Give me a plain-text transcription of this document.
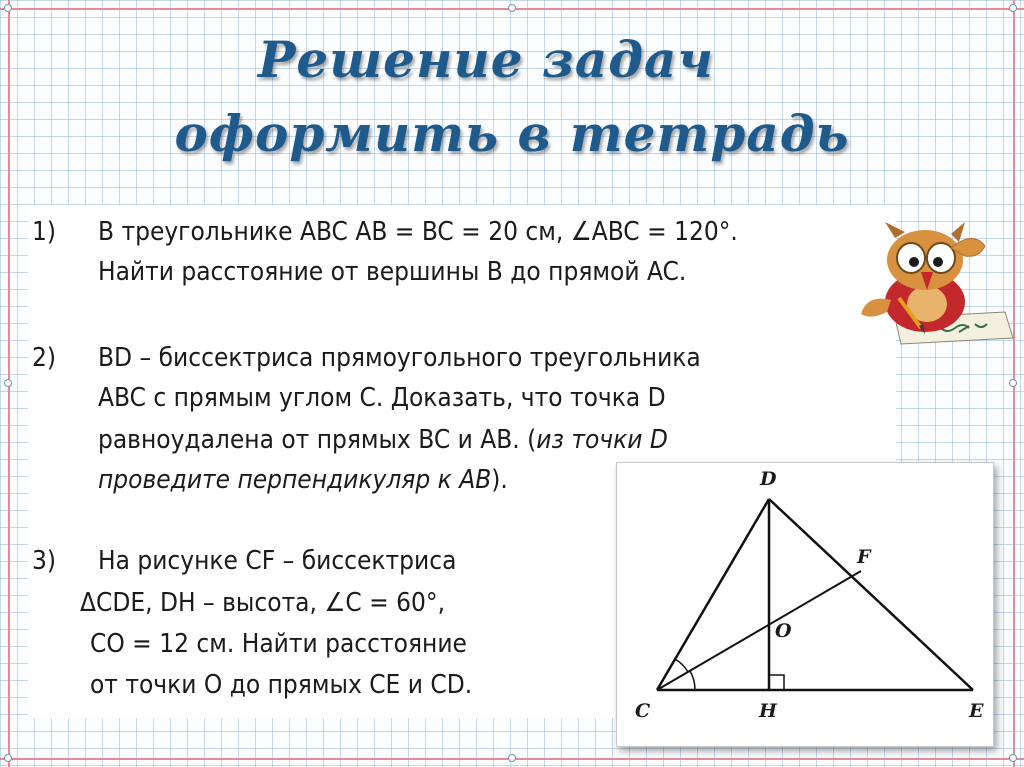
Решение задач
оформить в тетрадь
1) В треугольнике ABC AB = BC = 20 см, ∠ABC = 120°.
Найти расстояние от вершины B до прямой AC.
2) BD – биссектриса прямоугольного треугольника
ABC с прямым углом C. Доказать, что точка D
равноудалена от прямых BC и AB. (из точки D
проведите перпендикуляр к AB).
3) На рисунке CF – биссектриса
ΔCDE, DH – высота, ∠C = 60°,
CO = 12 см. Найти расстояние
от точки O до прямых CE и CD.
D
F
O
C	H	E
